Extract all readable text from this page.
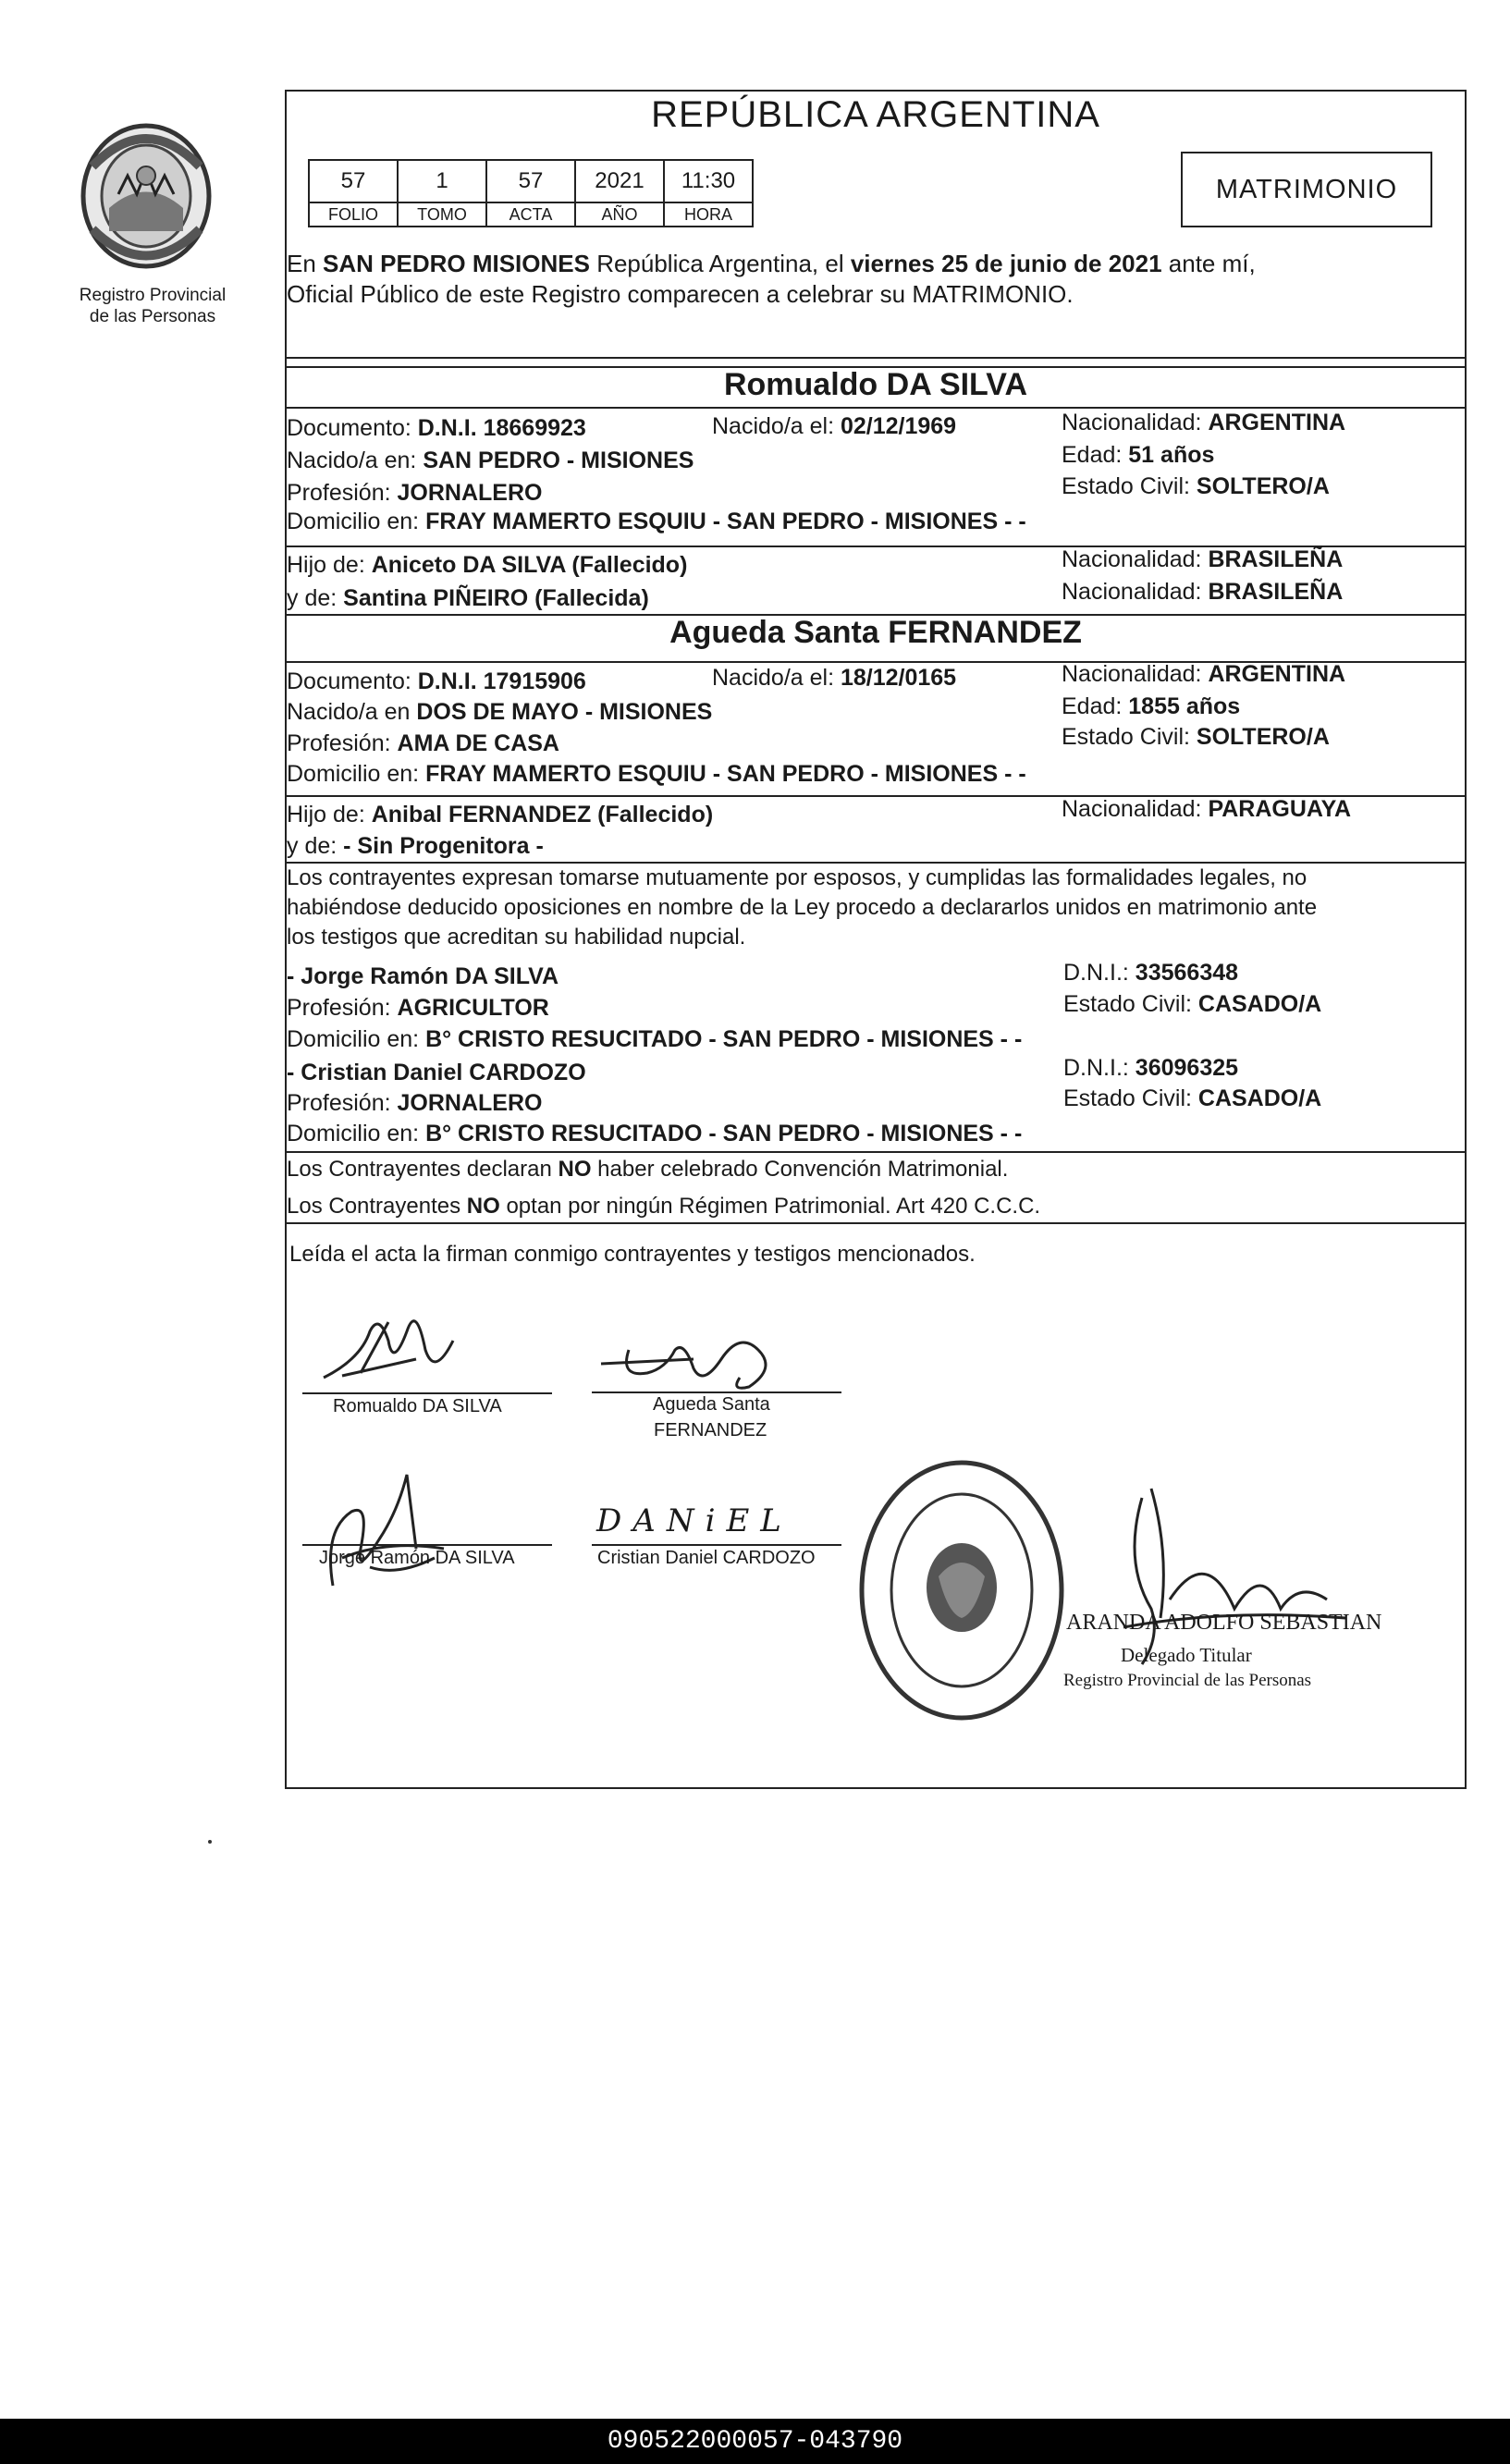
Registro Provincial
de las Personas
REPÚBLICA ARGENTINA
57	1	57	2021	11:30
FOLIO	TOMO	ACTA	AÑO	HORA
MATRIMONIO
En SAN PEDRO MISIONES República Argentina, el viernes 25 de junio de 2021 ante mí,
Oficial Público de este Registro comparecen a celebrar su MATRIMONIO.
Romualdo DA SILVA
Documento: D.N.I. 18669923	Nacido/a el: 02/12/1969	Nacionalidad: ARGENTINA
Nacido/a en: SAN PEDRO - MISIONES	Edad: 51 años
Profesión: JORNALERO	Estado Civil: SOLTERO/A
Domicilio en: FRAY MAMERTO ESQUIU - SAN PEDRO - MISIONES - -
Hijo de: Aniceto DA SILVA (Fallecido)	Nacionalidad: BRASILEÑA
y de: Santina PIÑEIRO (Fallecida)	Nacionalidad: BRASILEÑA
Agueda Santa FERNANDEZ
Documento: D.N.I. 17915906	Nacido/a el: 18/12/0165	Nacionalidad: ARGENTINA
Nacido/a en DOS DE MAYO - MISIONES	Edad: 1855 años
Profesión: AMA DE CASA	Estado Civil: SOLTERO/A
Domicilio en: FRAY MAMERTO ESQUIU - SAN PEDRO - MISIONES - -
Hijo de: Anibal FERNANDEZ (Fallecido)	Nacionalidad: PARAGUAYA
y de: - Sin Progenitora -
Los contrayentes expresan tomarse mutuamente por esposos, y cumplidas las formalidades legales, no
habiéndose deducido oposiciones en nombre de la Ley procedo a declararlos unidos en matrimonio ante
los testigos que acreditan su habilidad nupcial.
- Jorge Ramón DA SILVA	D.N.I.: 33566348
Profesión: AGRICULTOR	Estado Civil: CASADO/A
Domicilio en: B° CRISTO RESUCITADO - SAN PEDRO - MISIONES - -
- Cristian Daniel CARDOZO	D.N.I.: 36096325
Profesión: JORNALERO	Estado Civil: CASADO/A
Domicilio en: B° CRISTO RESUCITADO - SAN PEDRO - MISIONES - -
Los Contrayentes declaran NO haber celebrado Convención Matrimonial.
Los Contrayentes NO optan por ningún Régimen Patrimonial. Art 420 C.C.C.
Leída el acta la firman conmigo contrayentes y testigos mencionados.
Romualdo DA SILVA	Agueda Santa
FERNANDEZ
Jorge Ramón DA SILVA
DANiEL
Cristian Daniel CARDOZO
ARANDA ADOLFO SEBASTIAN
Delegado Titular
Registro Provincial de las Personas
090522000057-043790
